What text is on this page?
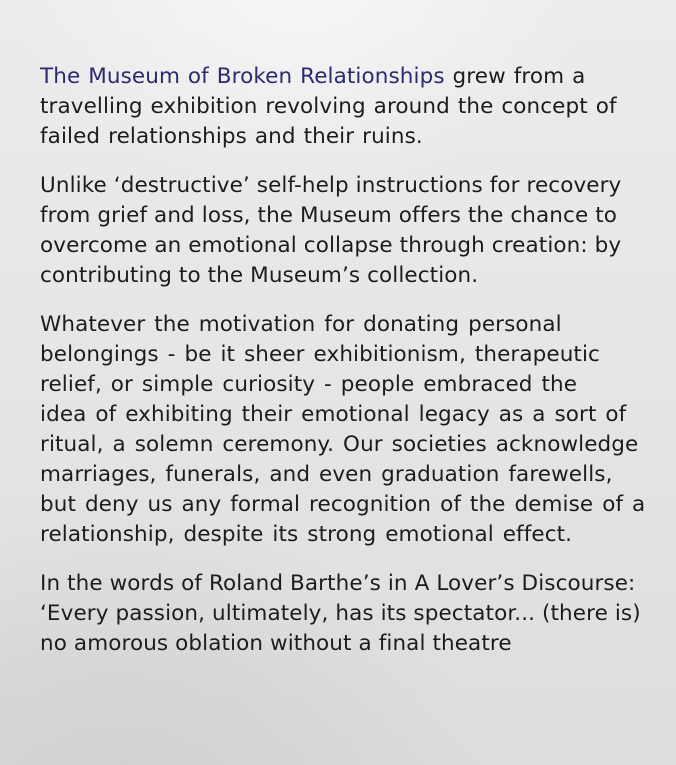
The Museum of Broken Relationships grew from a
travelling exhibition revolving around the concept of
failed relationships and their ruins.

Unlike ‘destructive’ self-help instructions for recovery
from grief and loss, the Museum offers the chance to
overcome an emotional collapse through creation: by
contributing to the Museum’s collection.

Whatever the motivation for donating personal
belongings - be it sheer exhibitionism, therapeutic
relief, or simple curiosity - people embraced the
idea of exhibiting their emotional legacy as a sort of
ritual, a solemn ceremony. Our societies acknowledge
marriages, funerals, and even graduation farewells,
but deny us any formal recognition of the demise of a
relationship, despite its strong emotional effect.

In the words of Roland Barthe’s in A Lover’s Discourse:
‘Every passion, ultimately, has its spectator... (there is)
no amorous oblation without a final theatre
